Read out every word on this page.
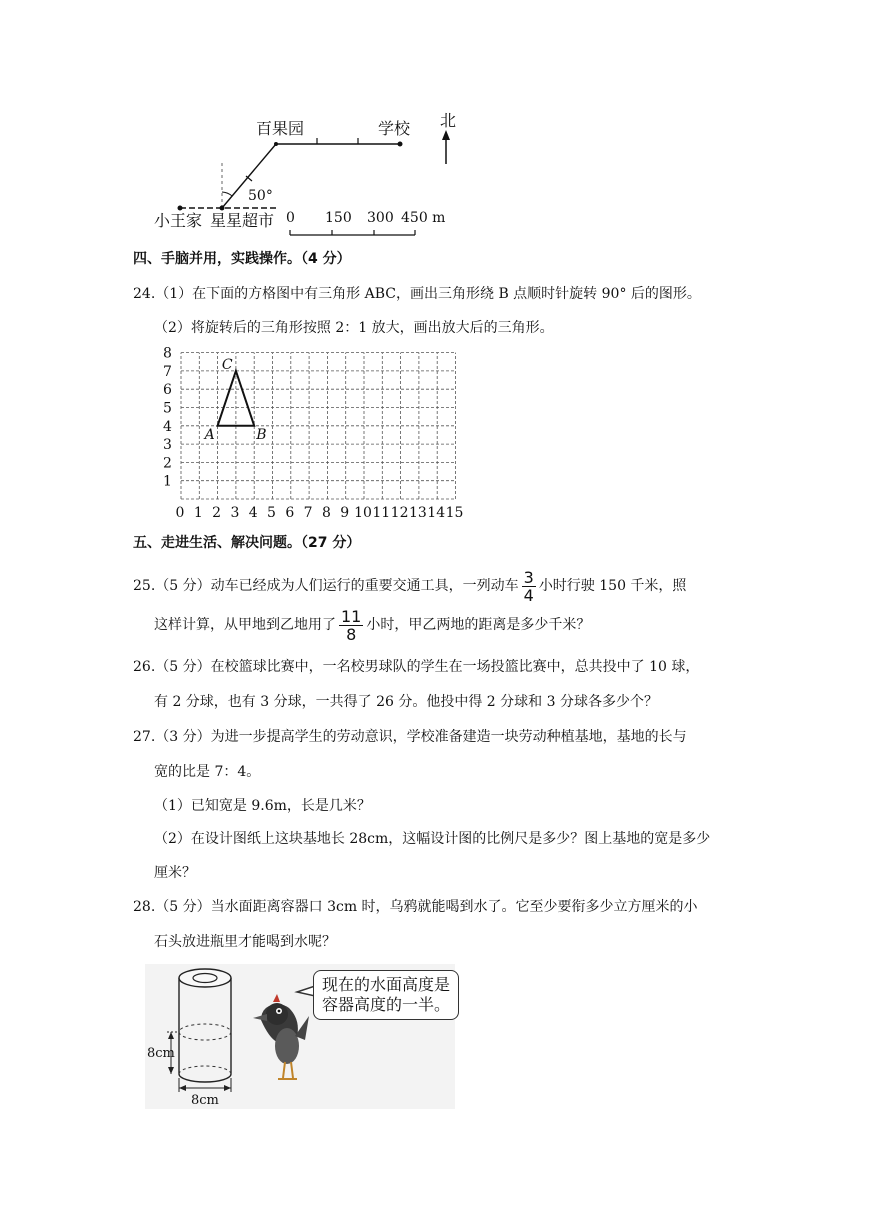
北
百果园	学校
50°
小王家 星星超市 0 150 300 450 m
四、手脑并用，实践操作。（4 分）
24.（1）在下面的方格图中有三角形 ABC，画出三角形绕 B 点顺时针旋转 90° 后的图形。
（2）将旋转后的三角形按照 2：1 放大，画出放大后的三角形。
8
7
6
5
4
3
2
1
0 1 2 3 4 5 6 7 8 9 10 11 12 13 14 15
A	B
C
五、走进生活、解决问题。（27 分）
25.（5 分）动车已经成为人们运行的重要交通工具，一列动车 $\frac{3}{4}$ 小时行驶 150 千米，照
这样计算，从甲地到乙地用了 $\frac{11}{8}$ 小时，甲乙两地的距离是多少千米？
26.（5 分）在校篮球比赛中，一名校男球队的学生在一场投篮比赛中，总共投中了 10 球，
有 2 分球，也有 3 分球，一共得了 26 分。他投中得 2 分球和 3 分球各多少个？
27.（3 分）为进一步提高学生的劳动意识，学校准备建造一块劳动种植基地，基地的长与
宽的比是 7：4。
（1）已知宽是 9.6m，长是几米？
（2）在设计图纸上这块基地长 28cm，这幅设计图的比例尺是多少？图上基地的宽是多少
厘米？
28.（5 分）当水面距离容器口 3cm 时，乌鸦就能喝到水了。它至少要衔多少立方厘米的小
石头放进瓶里才能喝到水呢？
8cm
8cm
现在的水面高度是
容器高度的一半。
